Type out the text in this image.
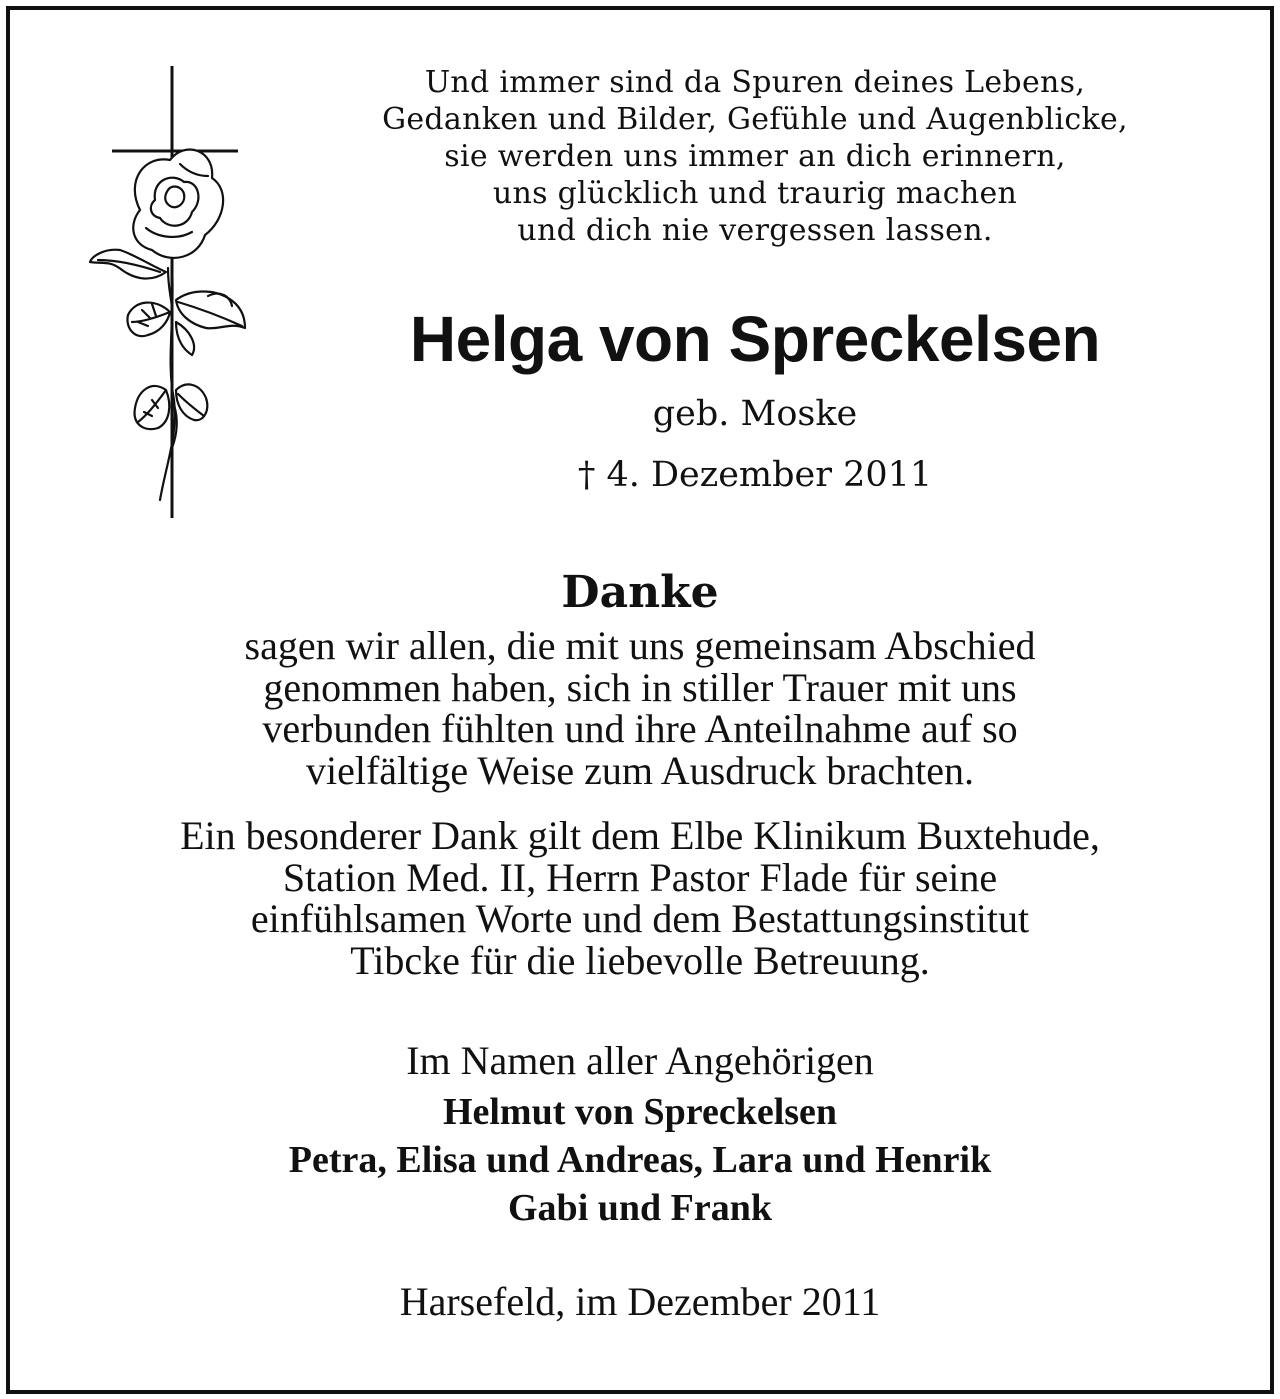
Und immer sind da Spuren deines Lebens,
Gedanken und Bilder, Gefühle und Augenblicke,
sie werden uns immer an dich erinnern,
uns glücklich und traurig machen
und dich nie vergessen lassen.
Helga von Spreckelsen
geb. Moske
† 4. Dezember 2011
Danke
sagen wir allen, die mit uns gemeinsam Abschied
genommen haben, sich in stiller Trauer mit uns
verbunden fühlten und ihre Anteilnahme auf so
vielfältige Weise zum Ausdruck brachten.
Ein besonderer Dank gilt dem Elbe Klinikum Buxtehude,
Station Med. II, Herrn Pastor Flade für seine
einfühlsamen Worte und dem Bestattungsinstitut
Tibcke für die liebevolle Betreuung.
Im Namen aller Angehörigen
Helmut von Spreckelsen
Petra, Elisa und Andreas, Lara und Henrik
Gabi und Frank
Harsefeld, im Dezember 2011
